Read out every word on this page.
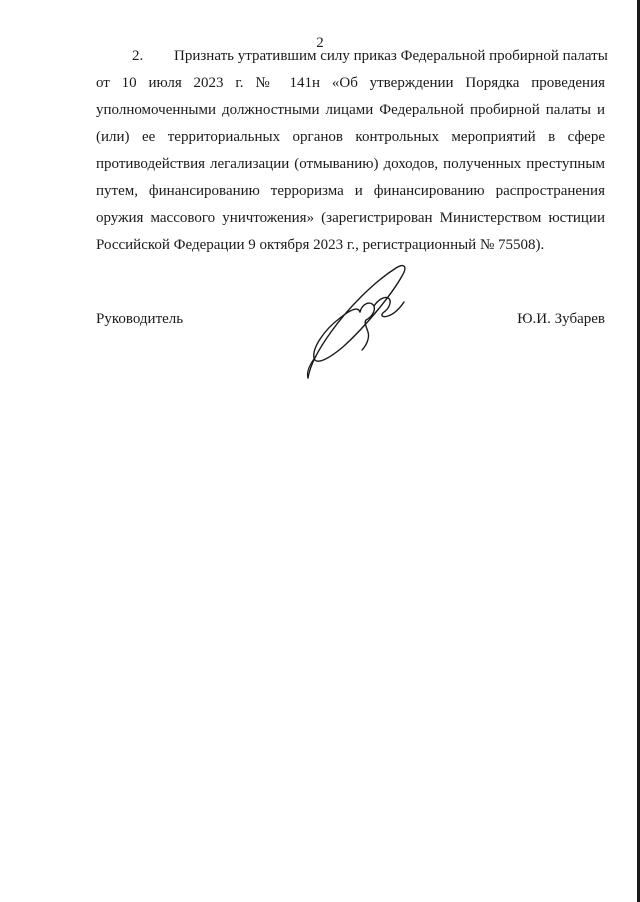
2
2. Признать утратившим силу приказ Федеральной пробирной палаты
от 10 июля 2023 г. № 141н «Об утверждении Порядка проведения
уполномоченными должностными лицами Федеральной пробирной палаты и
(или) ее территориальных органов контрольных мероприятий в сфере
противодействия легализации (отмыванию) доходов, полученных преступным
путем, финансированию терроризма и финансированию распространения
оружия массового уничтожения» (зарегистрирован Министерством юстиции
Российской Федерации 9 октября 2023 г., регистрационный № 75508).
Руководитель	Ю.И. Зубарев
